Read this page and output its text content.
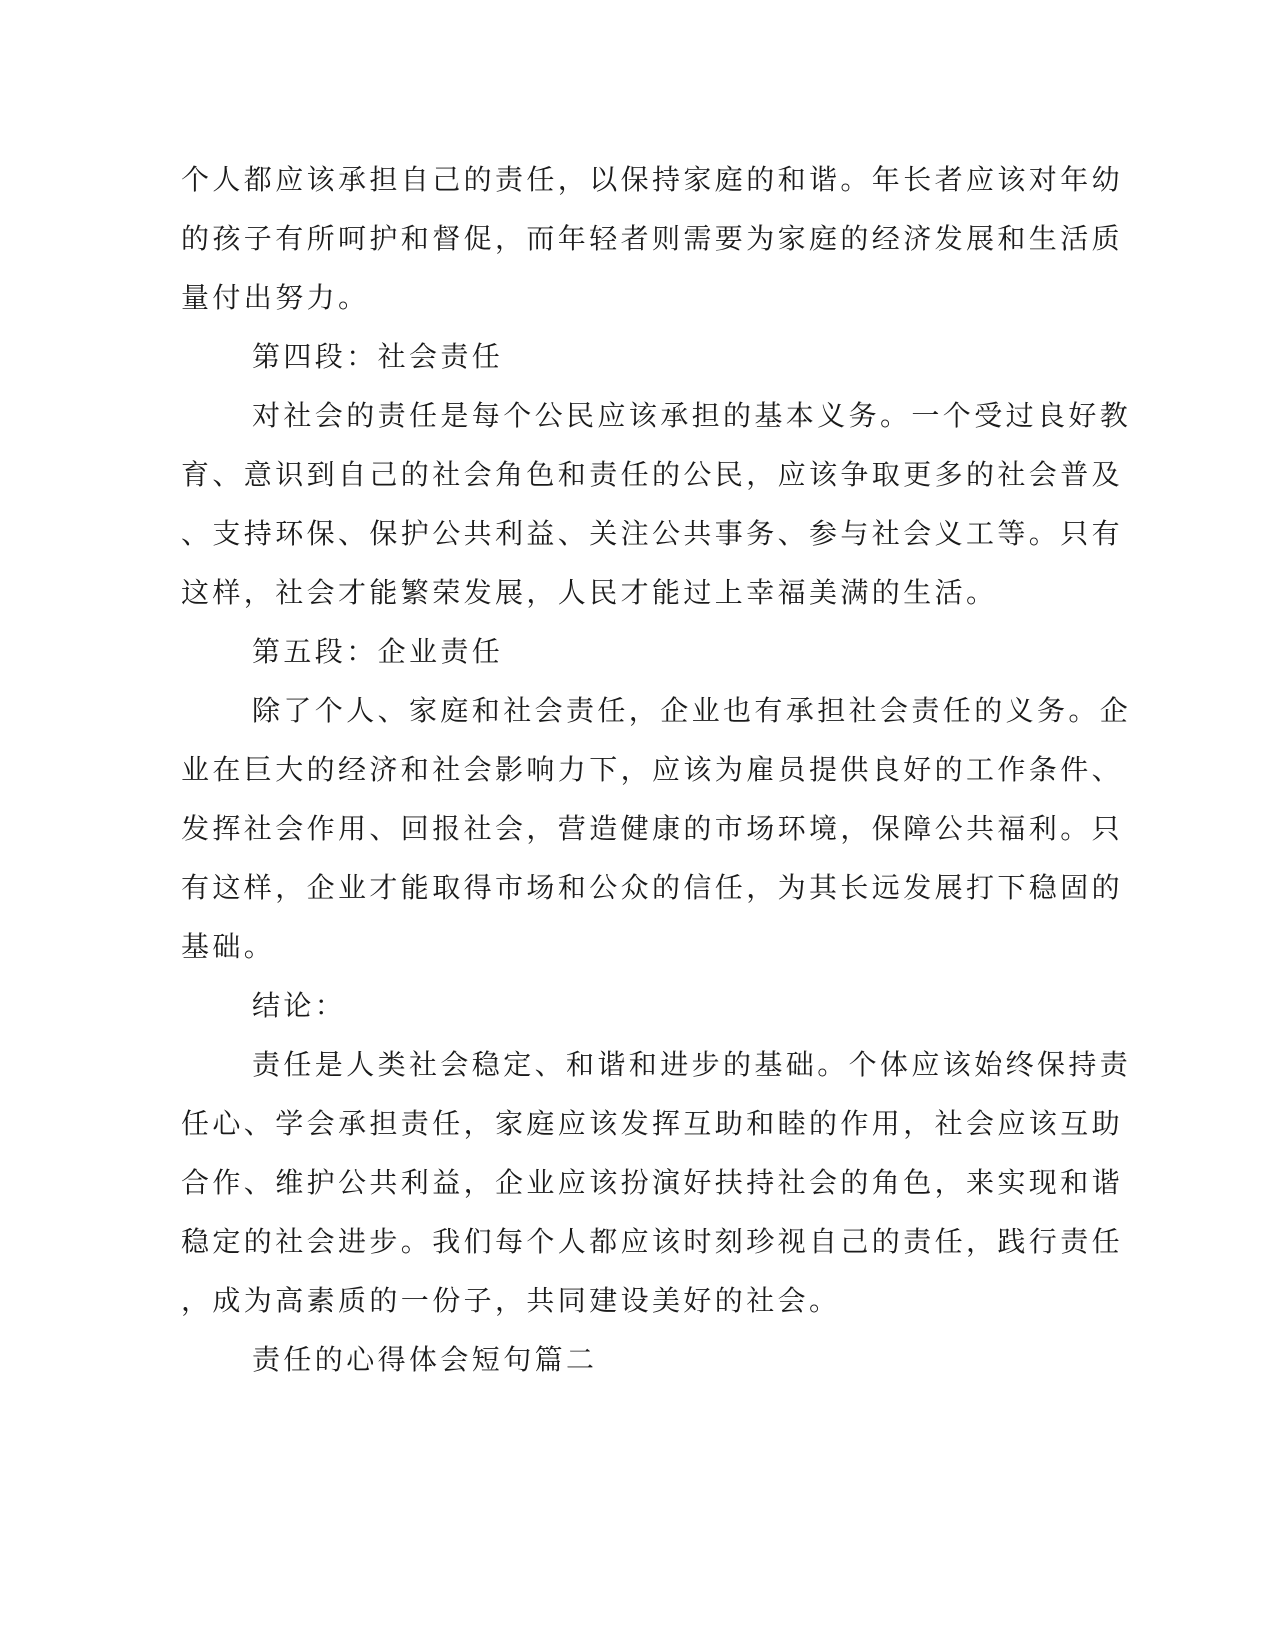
个人都应该承担自己的责任，以保持家庭的和谐。年长者应该对年幼
的孩子有所呵护和督促，而年轻者则需要为家庭的经济发展和生活质
量付出努力。
第四段：社会责任
对社会的责任是每个公民应该承担的基本义务。一个受过良好教
育、意识到自己的社会角色和责任的公民，应该争取更多的社会普及
、支持环保、保护公共利益、关注公共事务、参与社会义工等。只有
这样，社会才能繁荣发展，人民才能过上幸福美满的生活。
第五段：企业责任
除了个人、家庭和社会责任，企业也有承担社会责任的义务。企
业在巨大的经济和社会影响力下，应该为雇员提供良好的工作条件、
发挥社会作用、回报社会，营造健康的市场环境，保障公共福利。只
有这样，企业才能取得市场和公众的信任，为其长远发展打下稳固的
基础。
结论：
责任是人类社会稳定、和谐和进步的基础。个体应该始终保持责
任心、学会承担责任，家庭应该发挥互助和睦的作用，社会应该互助
合作、维护公共利益，企业应该扮演好扶持社会的角色，来实现和谐
稳定的社会进步。我们每个人都应该时刻珍视自己的责任，践行责任
，成为高素质的一份子，共同建设美好的社会。
责任的心得体会短句篇二
